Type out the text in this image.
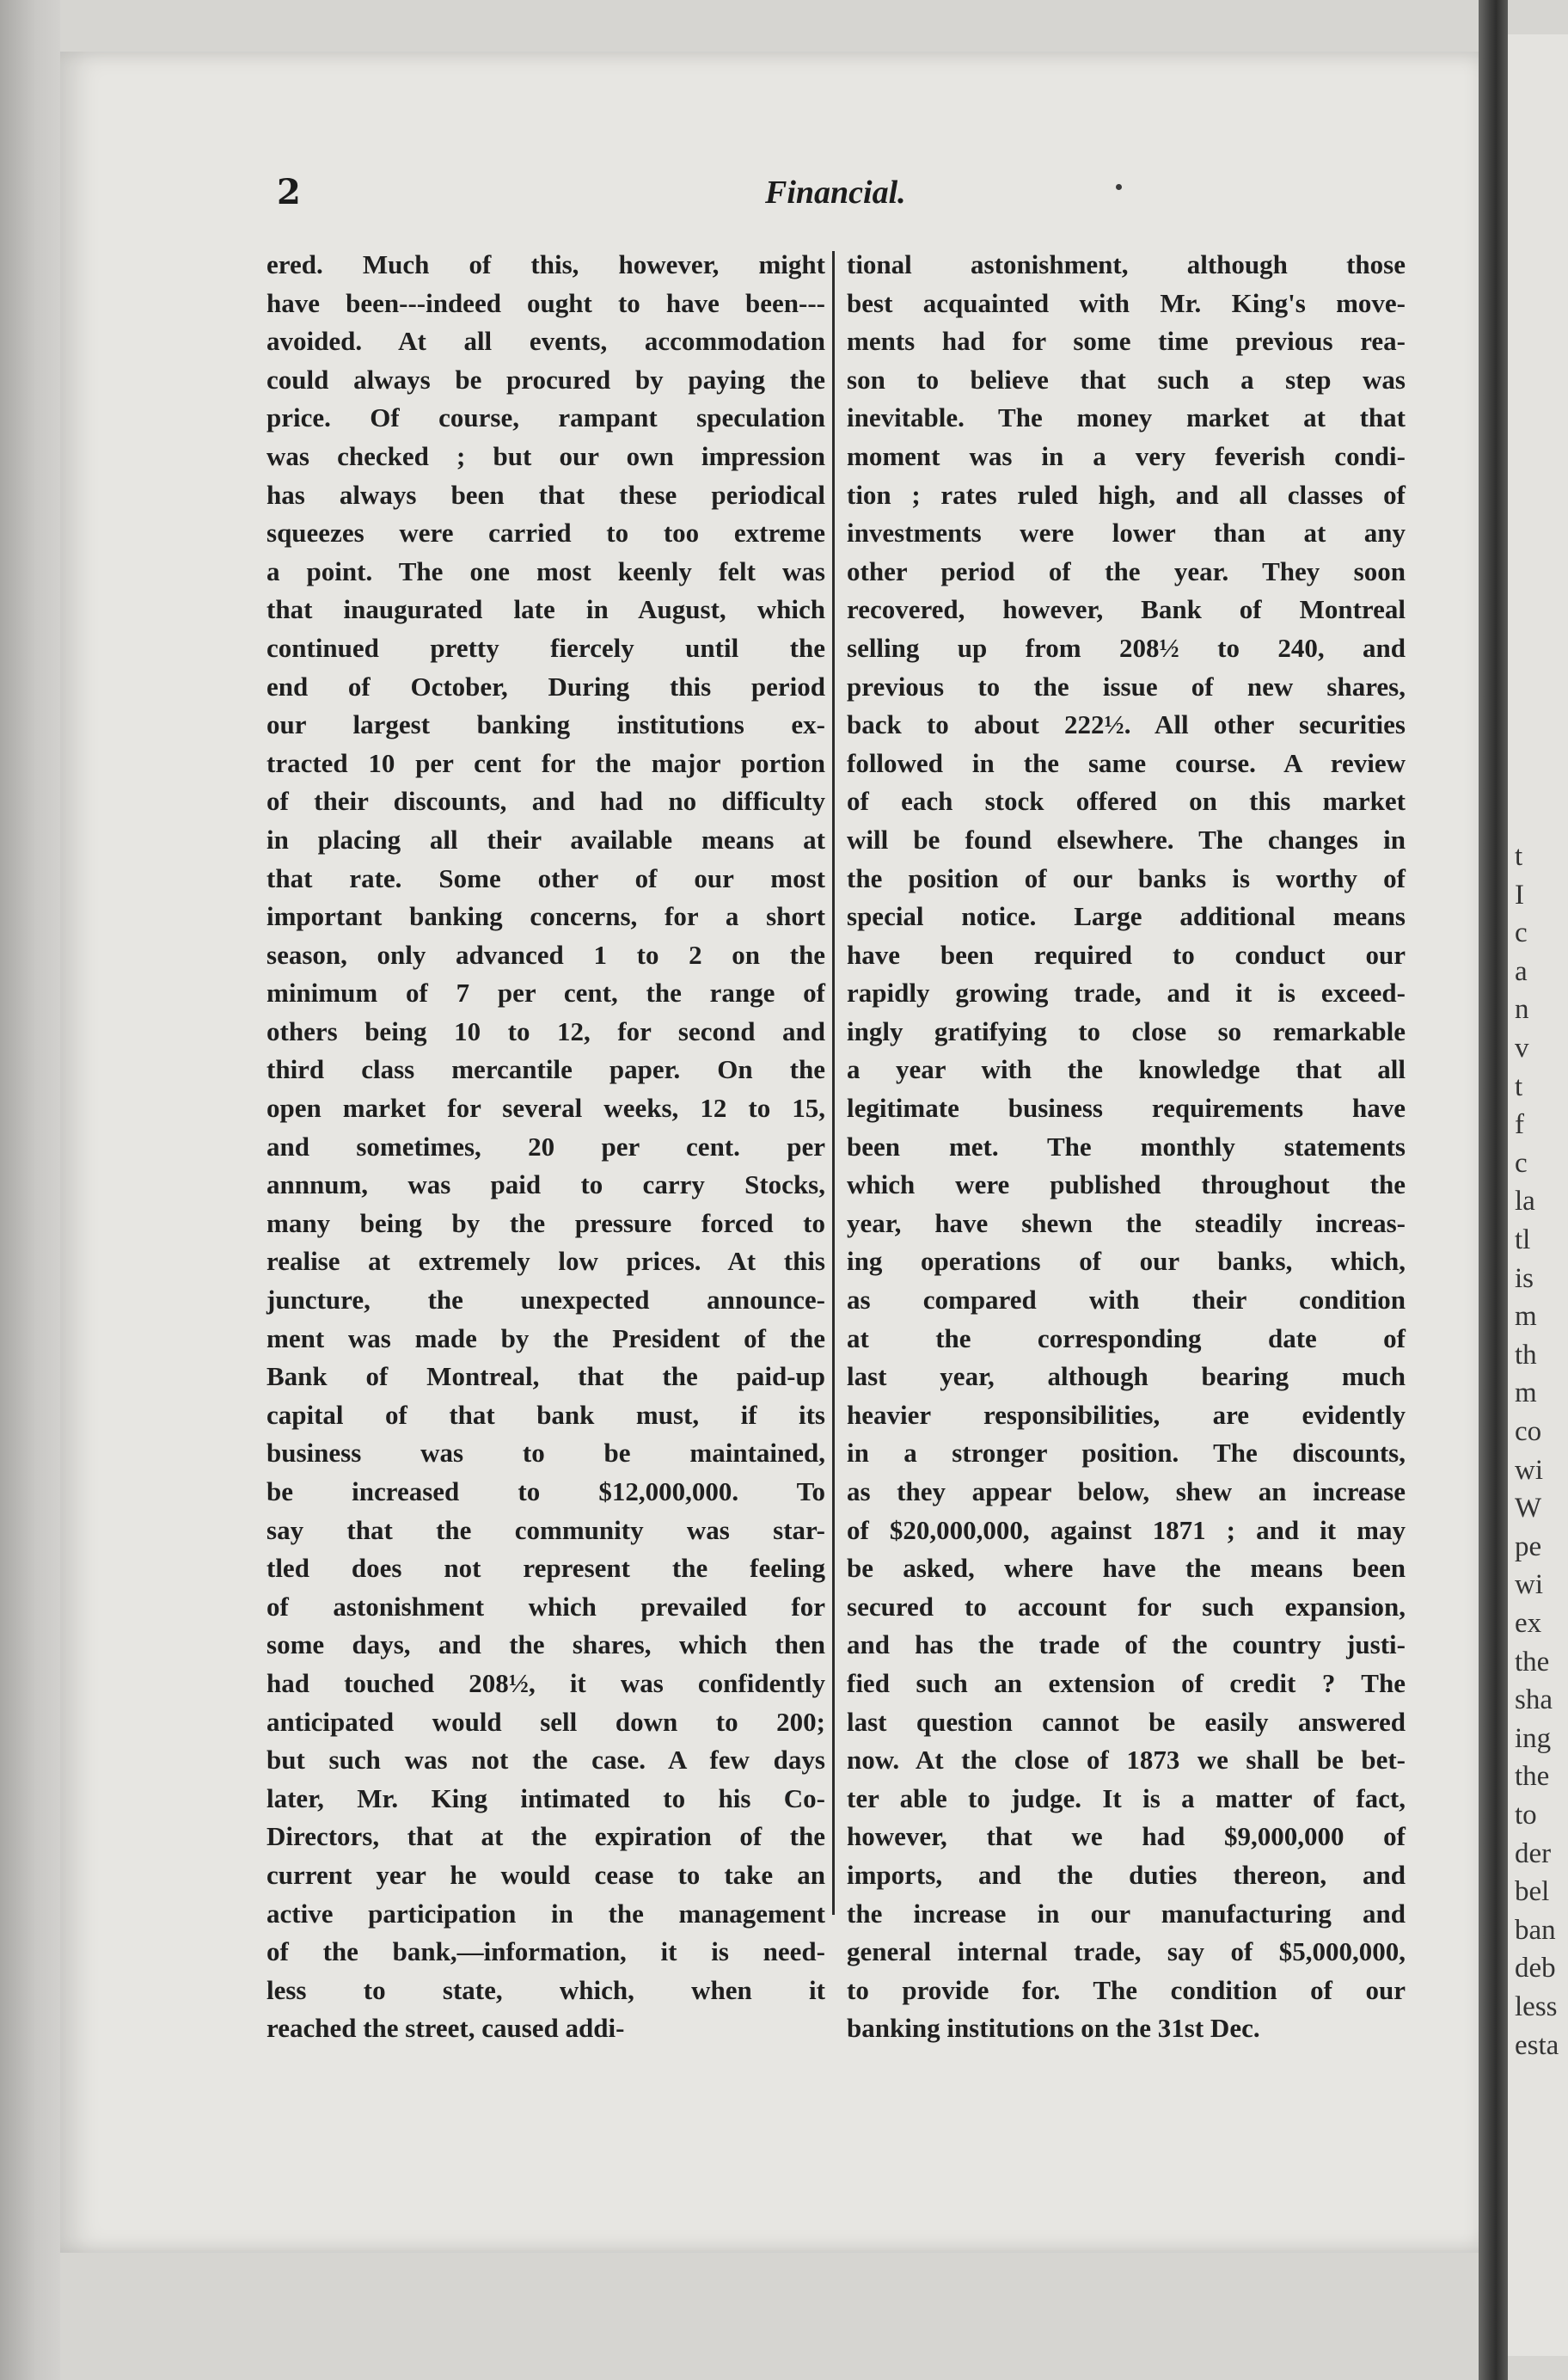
2	Financial.
ered. Much of this, however, might
have been---indeed ought to have been---
avoided. At all events, accommodation
could always be procured by paying the
price. Of course, rampant speculation
was checked ; but our own impression
has always been that these periodical
squeezes were carried to too extreme
a point. The one most keenly felt was
that inaugurated late in August, which
continued pretty fiercely until the
end of October, During this period
our largest banking institutions ex-
tracted 10 per cent for the major portion
of their discounts, and had no difficulty
in placing all their available means at
that rate. Some other of our most
important banking concerns, for a short
season, only advanced 1 to 2 on the
minimum of 7 per cent, the range of
others being 10 to 12, for second and
third class mercantile paper. On the
open market for several weeks, 12 to 15,
and sometimes, 20 per cent. per
annnum, was paid to carry Stocks,
many being by the pressure forced to
realise at extremely low prices. At this
juncture, the unexpected announce-
ment was made by the President of the
Bank of Montreal, that the paid-up
capital of that bank must, if its
business was to be maintained,
be increased to $12,000,000. To
say that the community was star-
tled does not represent the feeling
of astonishment which prevailed for
some days, and the shares, which then
had touched 208½, it was confidently
anticipated would sell down to 200;
but such was not the case. A few days
later, Mr. King intimated to his Co-
Directors, that at the expiration of the
current year he would cease to take an
active participation in the management
of the bank,—information, it is need-
less to state, which, when it
reached the street, caused addi-
tional astonishment, although those
best acquainted with Mr. King's move-
ments had for some time previous rea-
son to believe that such a step was
inevitable. The money market at that
moment was in a very feverish condi-
tion ; rates ruled high, and all classes of
investments were lower than at any
other period of the year. They soon
recovered, however, Bank of Montreal
selling up from 208½ to 240, and
previous to the issue of new shares,
back to about 222½. All other securities
followed in the same course. A review
of each stock offered on this market
will be found elsewhere. The changes in
the position of our banks is worthy of
special notice. Large additional means
have been required to conduct our
rapidly growing trade, and it is exceed-
ingly gratifying to close so remarkable
a year with the knowledge that all
legitimate business requirements have
been met. The monthly statements
which were published throughout the
year, have shewn the steadily increas-
ing operations of our banks, which,
as compared with their condition
at the corresponding date of
last year, although bearing much
heavier responsibilities, are evidently
in a stronger position. The discounts,
as they appear below, shew an increase
of $20,000,000, against 1871 ; and it may
be asked, where have the means been
secured to account for such expansion,
and has the trade of the country justi-
fied such an extension of credit ? The
last question cannot be easily answered
now. At the close of 1873 we shall be bet-
ter able to judge. It is a matter of fact,
however, that we had $9,000,000 of
imports, and the duties thereon, and
the increase in our manufacturing and
general internal trade, say of $5,000,000,
to provide for. The condition of our
banking institutions on the 31st Dec.
t
I
c
a
n
v
t
f
c
la
tl
is
m
th
m
co
wi
W
pe
wi
ex
the
sha
ing
the
to
der
bel
ban
deb
less
esta
